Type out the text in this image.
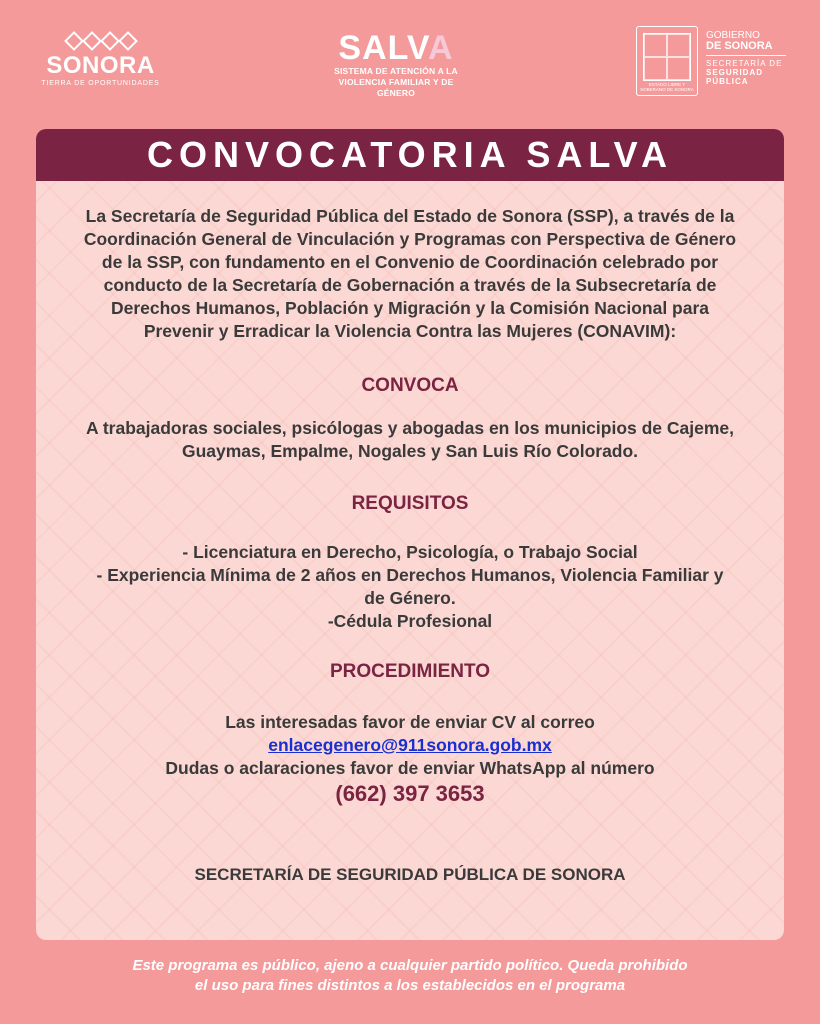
SONORA
TIERRA DE OPORTUNIDADES
SALVA
SISTEMA DE ATENCIÓN A LA
VIOLENCIA FAMILIAR Y DE GÉNERO
ESTADO LIBRE Y SOBERANO DE SONORA
GOBIERNO
DE SONORA
SECRETARÍA DE
SEGURIDAD
PÚBLICA
CONVOCATORIA SALVA

La Secretaría de Seguridad Pública del Estado de Sonora (SSP), a través de la Coordinación General de Vinculación y Programas con Perspectiva de Género de la SSP, con fundamento en el Convenio de Coordinación celebrado por conducto de la Secretaría de Gobernación a través de la Subsecretaría de Derechos Humanos, Población y Migración y la Comisión Nacional para Prevenir y Erradicar la Violencia Contra las Mujeres (CONAVIM):

CONVOCA

A trabajadoras sociales, psicólogas y abogadas en los municipios de Cajeme, Guaymas, Empalme, Nogales y San Luis Río Colorado.

REQUISITOS
- Licenciatura en Derecho, Psicología, o Trabajo Social
- Experiencia Mínima de 2 años en Derechos Humanos, Violencia Familiar y de Género.
-Cédula Profesional
PROCEDIMIENTO
Las interesadas favor de enviar CV al correo
enlacegenero@911sonora.gob.mx
Dudas o aclaraciones favor de enviar WhatsApp al número
(662) 397 3653
SECRETARÍA DE SEGURIDAD PÚBLICA DE SONORA
Este programa es público, ajeno a cualquier partido político. Queda prohibido
el uso para fines distintos a los establecidos en el programa
